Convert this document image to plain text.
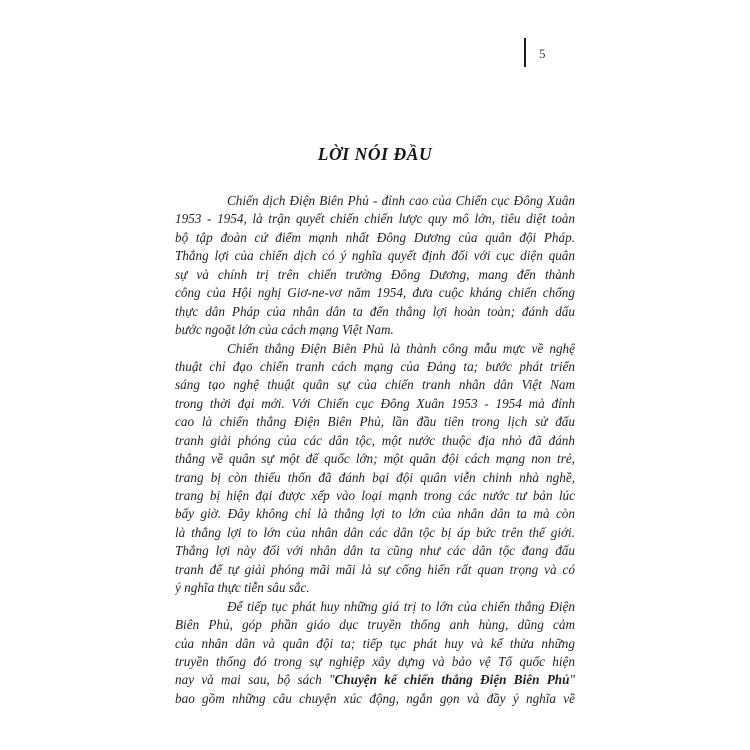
5
LỜI NÓI ĐẦU
Chiến dịch Điện Biên Phủ - đỉnh cao của Chiến cục Đông Xuân
1953 - 1954, là trận quyết chiến chiến lược quy mô lớn, tiêu diệt toàn
bộ tập đoàn cứ điểm mạnh nhất Đông Dương của quân đội Pháp.
Thắng lợi của chiến dịch có ý nghĩa quyết định đối với cục diện quân
sự và chính trị trên chiến trường Đông Dương, mang đến thành
công của Hội nghị Giơ-ne-vơ năm 1954, đưa cuộc kháng chiến chống
thực dân Pháp của nhân dân ta đến thắng lợi hoàn toàn; đánh dấu
bước ngoặt lớn của cách mạng Việt Nam.
Chiến thắng Điện Biên Phủ là thành công mẫu mực về nghệ
thuật chỉ đạo chiến tranh cách mạng của Đảng ta; bước phát triển
sáng tạo nghệ thuật quân sự của chiến tranh nhân dân Việt Nam
trong thời đại mới. Với Chiến cục Đông Xuân 1953 - 1954 mà đỉnh
cao là chiến thắng Điện Biên Phủ, lần đầu tiên trong lịch sử đấu
tranh giải phóng của các dân tộc, một nước thuộc địa nhỏ đã đánh
thắng về quân sự một đế quốc lớn; một quân đội cách mạng non trẻ,
trang bị còn thiếu thốn đã đánh bại đội quân viễn chinh nhà nghề,
trang bị hiện đại được xếp vào loại mạnh trong các nước tư bản lúc
bấy giờ. Đây không chỉ là thắng lợi to lớn của nhân dân ta mà còn
là thắng lợi to lớn của nhân dân các dân tộc bị áp bức trên thế giới.
Thắng lợi này đối với nhân dân ta cũng như các dân tộc đang đấu
tranh để tự giải phóng mãi mãi là sự cống hiến rất quan trọng và có
ý nghĩa thực tiễn sâu sắc.
Để tiếp tục phát huy những giá trị to lớn của chiến thắng Điện
Biên Phủ, góp phần giáo dục truyền thống anh hùng, dũng cảm
của nhân dân và quân đội ta; tiếp tục phát huy và kế thừa những
truyền thống đó trong sự nghiệp xây dựng và bảo vệ Tổ quốc hiện
nay và mai sau, bộ sách "Chuyện kể chiến thắng Điện Biên Phủ"
bao gồm những câu chuyện xúc động, ngắn gọn và đầy ý nghĩa về
